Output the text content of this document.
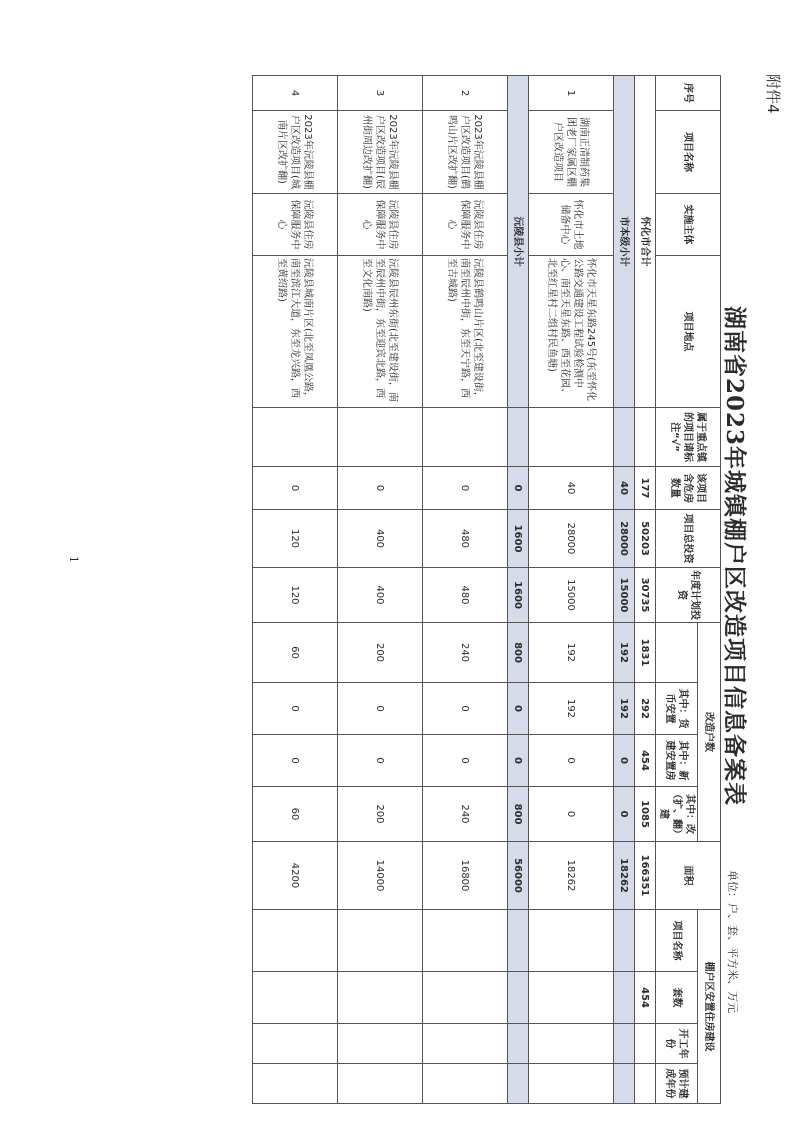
1
附件4
湖南省2023年城镇棚户区改造项目信息备案表
单位：户、套、平方米、万元
序号	项目名称	实施主体	项目地点	属于重点镇的项目请标注“√”	该项目含危房数量	项目总投资	年度计划投资	改造户数				面积	棚户区安置住房建设			
									其中：货币安置	其中：新建安置房	其中：改（扩、翻）建		项目名称	套数	开工年份	预计建成年份
怀化市合计					177	50203	30735	1831	292	454	1085	166351		454		
市本级小计					40	28000	15000	192	192	0	0	18262				
1	湖南正清制药集团老厂家属区棚户区改造项目	怀化市土地储备中心	怀化市天星东路245号(东至怀化公路交通建设工程试验检测中心、南至天星东路、西至花园、北至红星村二组村民鱼塘)		40	28000	15000	192	192	0	0	18262				
沅陵县小计					0	1600	1600	800	0	0	800	56000				
2	2023年沅陵县棚户区改造项目(鹤鸣山片区改扩翻)	沅陵县住房保障服务中心	沅陵县鹤鸣山片区(北至建设街，南至辰州中街，东至天宁路，西至古城路)		0	480	480	240	0	0	240	16800				
3	2023年沅陵县棚户区改造项目(辰州街周边改扩翻)	沅陵县住房保障服务中心	沅陵县辰州东街(北至建设街，南至辰州中街，东至迎宾北路，西至文化南路)		0	400	400	200	0	0	200	14000				
4	2023年沅陵县棚户区改造项目(城南片区改扩翻)	沅陵县住房保障服务中心	沅陵县城南片区(北至凤凰公路，南至滨江大道，东至龙兴路，西至黄绍路)		0	120	120	60	0	0	60	4200				
